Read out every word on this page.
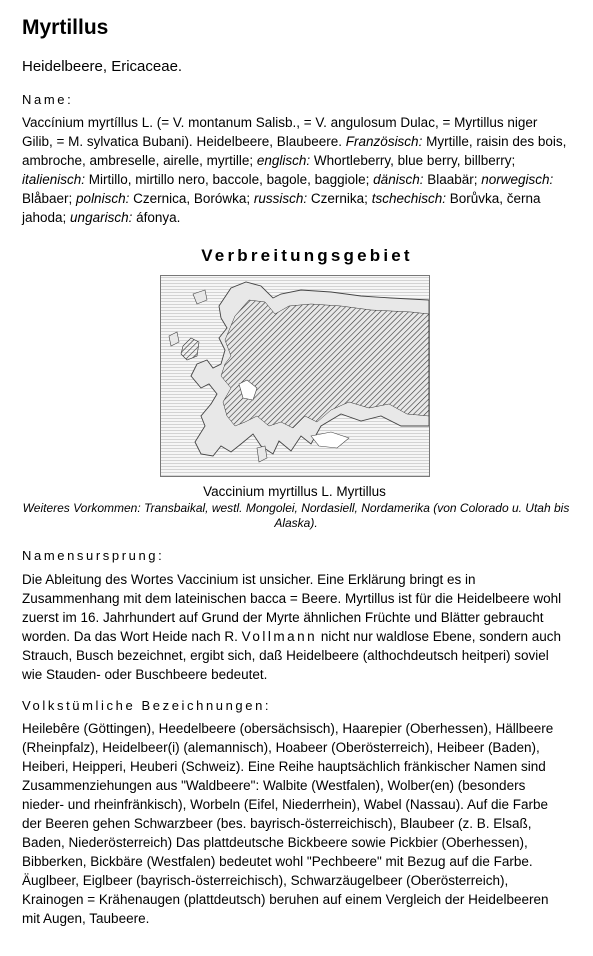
Myrtillus
Heidelbeere, Ericaceae.
Name:
Vaccínium myrtíllus L. (= V. montanum Salisb., = V. angulosum Dulac, = Myrtillus niger Gilib, = M. sylvatica Bubani). Heidelbeere, Blaubeere. Französisch: Myrtille, raisin des bois, ambroche, ambreselle, airelle, myrtille; englisch: Whortleberry, blue berry, billberry; italienisch: Mirtillo, mirtillo nero, baccole, bagole, baggiole; dänisch: Blaabär; norwegisch: Blåbaer; polnisch: Czernica, Borówka; russisch: Czernika; tschechisch: Borůvka, černa jahoda; ungarisch: áfonya.
Verbreitungsgebiet
Vaccinium myrtillus L. Myrtillus
Weiteres Vorkommen: Transbaikal, westl. Mongolei, Nordasiell, Nordamerika (von Colorado u. Utah bis Alaska).
Namensursprung:
Die Ableitung des Wortes Vaccinium ist unsicher. Eine Erklärung bringt es in Zusammenhang mit dem lateinischen bacca = Beere. Myrtillus ist für die Heidelbeere wohl zuerst im 16. Jahrhundert auf Grund der Myrte ähnlichen Früchte und Blätter gebraucht worden. Da das Wort Heide nach R. Vollmann nicht nur waldlose Ebene, sondern auch Strauch, Busch bezeichnet, ergibt sich, daß Heidelbeere (althochdeutsch heitperi) soviel wie Stauden- oder Buschbeere bedeutet.
Volkstümliche Bezeichnungen:
Heilebêre (Göttingen), Heedelbeere (obersächsisch), Haarepier (Oberhessen), Hällbeere (Rheinpfalz), Heidelbeer(i) (alemannisch), Hoabeer (Oberösterreich), Heibeer (Baden), Heiberi, Heipperi, Heuberi (Schweiz). Eine Reihe hauptsächlich fränkischer Namen sind Zusammenziehungen aus "Waldbeere": Walbite (Westfalen), Wolber(en) (besonders nieder- und rheinfränkisch), Worbeln (Eifel, Niederrhein), Wabel (Nassau). Auf die Farbe der Beeren gehen Schwarzbeer (bes. bayrisch-österreichisch), Blaubeer (z. B. Elsaß, Baden, Niederösterreich) Das plattdeutsche Bickbeere sowie Pickbier (Oberhessen), Bibberken, Bickbäre (Westfalen) bedeutet wohl "Pechbeere" mit Bezug auf die Farbe. Äuglbeer, Eiglbeer (bayrisch-österreichisch), Schwarzäugelbeer (Oberösterreich), Krainogen = Krähenaugen (plattdeutsch) beruhen auf einem Vergleich der Heidelbeeren mit Augen, Taubeere.
